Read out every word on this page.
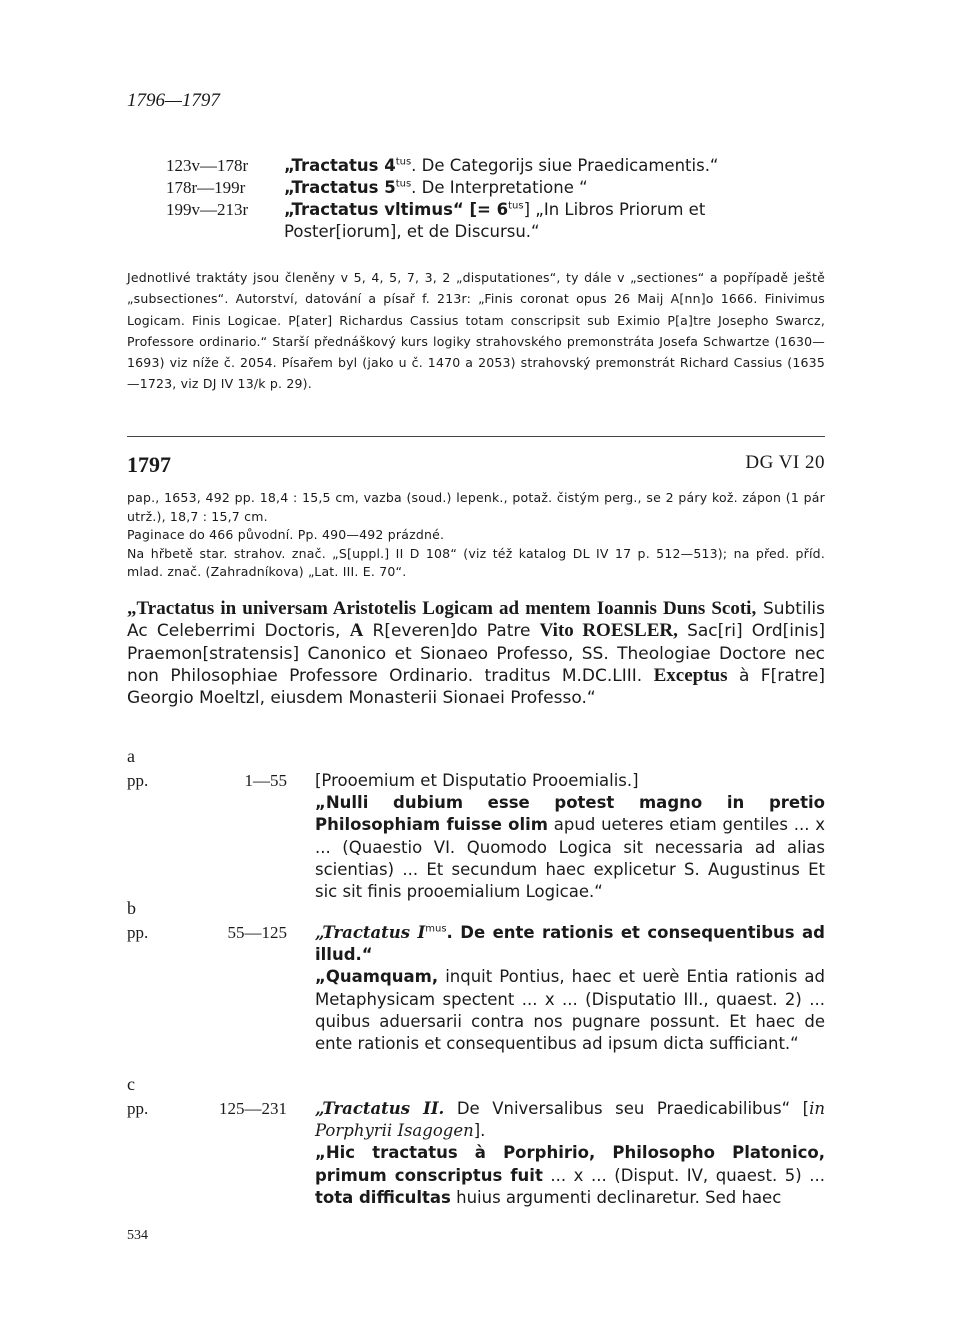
1796—1797
123v—178r	„Tractatus $4^{tus}$. De Categorijs siue Praedicamentis.“
178r—199r	„Tractatus $5^{tus}$. De Interpretatione “
199v—213r	„Tractatus vltimus“ [= $6^{tus}$] „In Libros Priorum et
Poster[iorum], et de Discursu.“
Jednotlivé traktáty jsou členěny v 5, 4, 5, 7, 3, 2 „disputationes“, ty dále v „sectiones“ a popřípadě ještě „subsectiones“. Autorství, datování a písař f. 213r: „Finis coronat opus 26 Maij A[nn]o 1666. Finivimus Logicam. Finis Logicae. P[ater] Richardus Cassius totam conscripsit sub Eximio P[a]tre Josepho Swarcz, Professore ordinario.“ Starší přednáškový kurs logiky strahovského premonstráta Josefa Schwartze (1630—1693) viz níže č. 2054. Písařem byl (jako u č. 1470 a 2053) strahovský premonstrát Richard Cassius (1635—1723, viz DJ IV 13/k p. 29).
1797	DG VI 20
pap., 1653, 492 pp. 18,4 : 15,5 cm, vazba (soud.) lepenk., potaž. čistým perg., se 2 páry kož. zápon (1 pár utrž.), 18,7 : 15,7 cm.
Paginace do 466 původní. Pp. 490—492 prázdné.
Na hřbetě star. strahov. znač. „S[uppl.] II D 108“ (viz též katalog DL IV 17 p. 512—513); na před. příd. mlad. znač. (Zahradníkova) „Lat. III. E. 70“.
„Tractatus in universam Aristotelis Logicam ad mentem Ioannis Duns Scoti, Subtilis Ac Celeberrimi Doctoris, A R[everen]do Patre Vito ROESLER, Sac[ri] Ord[inis] Praemon[stratensis] Canonico et Sionaeo Professo, SS. Theologiae Doctore nec non Philosophiae Professore Ordinario. traditus M.DC.LIII. Exceptus à F[ratre] Georgio Moeltzl, eiusdem Monasterii Sionaei Professo.“
a
pp.	1—55	[Prooemium et Disputatio Prooemialis.]
„Nulli dubium esse potest magno in pretio Philosophiam fuisse olim apud ueteres etiam gentiles ... x ... (Quaestio VI. Quomodo Logica sit necessaria ad alias scientias) ... Et secundum haec explicetur S. Augustinus Et sic sit finis prooemialium Logicae.“
b
pp.	55—125	„Tractatus $I^{mus}$. De ente rationis et consequentibus ad illud.“
„Quamquam, inquit Pontius, haec et uerè Entia rationis ad Metaphysicam spectent ... x ... (Disputatio III., quaest. 2) ... quibus aduersarii contra nos pugnare possunt. Et haec de ente rationis et consequentibus ad ipsum dicta sufficiant.“
c
pp.	125—231	„Tractatus II. De Vniversalibus seu Praedicabilibus“ [in Porphyrii Isagogen].
„Hic tractatus à Porphirio, Philosopho Platonico, primum conscriptus fuit ... x ... (Disput. IV, quaest. 5) ... tota difficultas huius argumenti declinaretur. Sed haec
534
